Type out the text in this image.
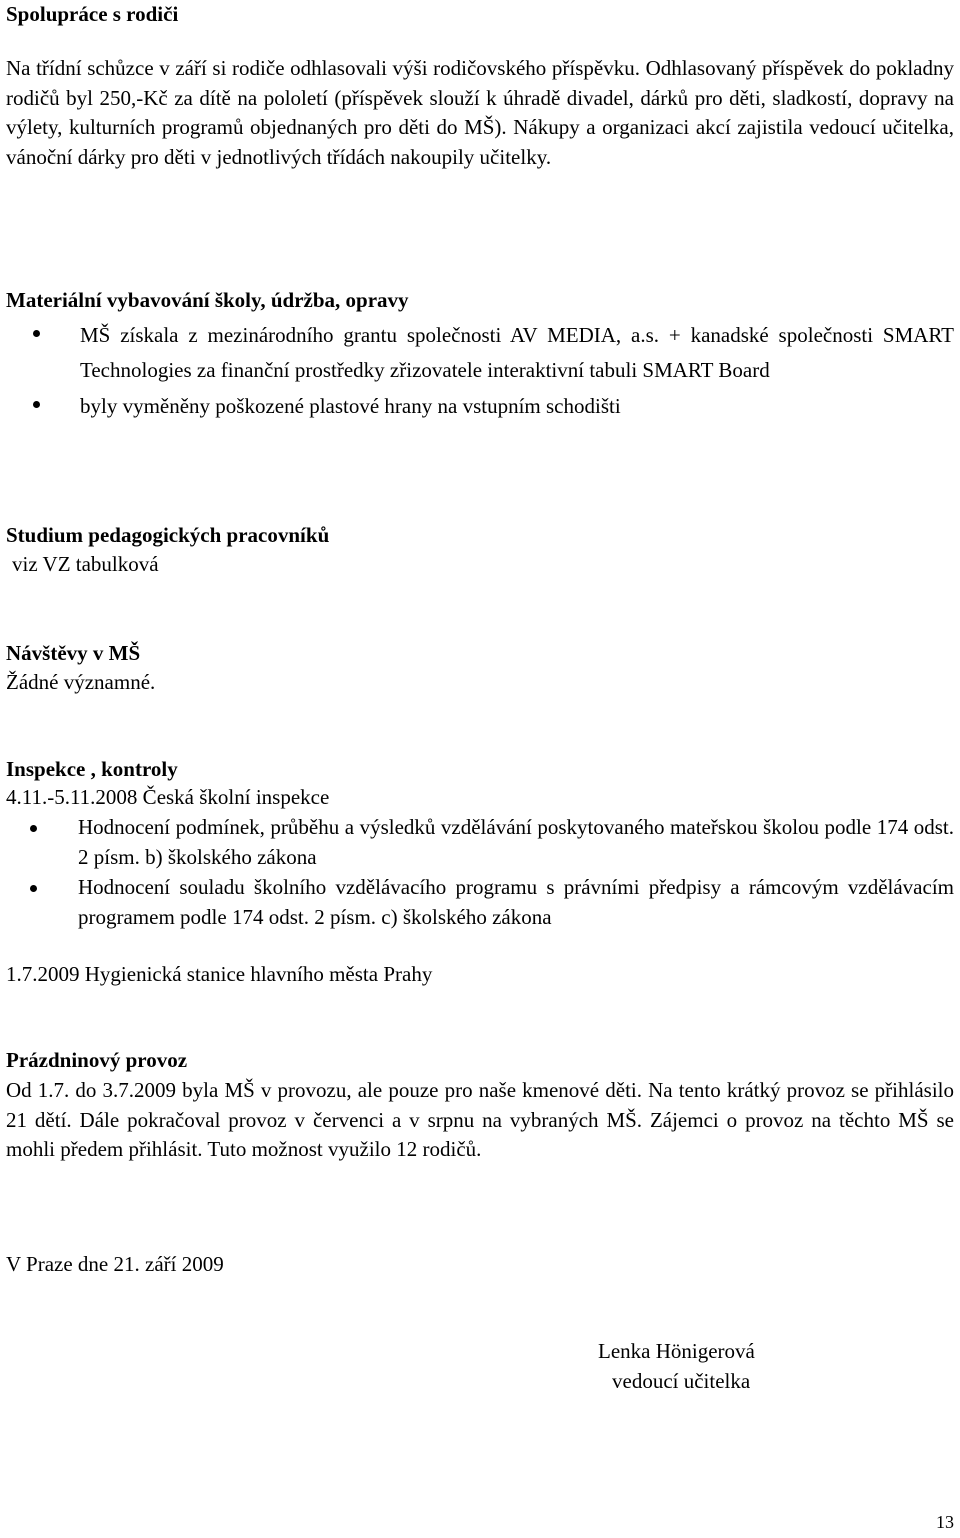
Spolupráce s rodiči

Na třídní schůzce v září si rodiče odhlasovali výši rodičovského příspěvku. Odhlasovaný příspěvek do pokladny rodičů byl 250,-Kč za dítě na pololetí (příspěvek slouží k úhradě divadel, dárků pro děti, sladkostí, dopravy na výlety, kulturních programů objednaných pro děti do MŠ). Nákupy a organizaci akcí zajistila vedoucí učitelka, vánoční dárky pro děti v jednotlivých třídách nakoupily učitelky.

Materiální vybavování školy, údržba, opravy
MŠ získala z mezinárodního grantu společnosti AV MEDIA, a.s. + kanadské společnosti SMART Technologies za finanční prostředky zřizovatele interaktivní tabuli SMART Board
byly vyměněny poškozené plastové hrany na vstupním schodišti
Studium pedagogických pracovníků
viz VZ tabulková
Návštěvy v MŠ
Žádné významné.
Inspekce , kontroly
4.11.-5.11.2008 Česká školní inspekce
Hodnocení podmínek, průběhu a výsledků vzdělávání poskytovaného mateřskou školou podle 174 odst. 2 písm. b) školského zákona
Hodnocení souladu školního vzdělávacího programu s právními předpisy a rámcovým vzdělávacím programem podle 174 odst. 2 písm. c) školského zákona
1.7.2009 Hygienická stanice hlavního města Prahy
Prázdninový provoz

Od 1.7. do 3.7.2009 byla MŠ v provozu, ale pouze pro naše kmenové děti. Na tento krátký provoz se přihlásilo 21 dětí. Dále pokračoval provoz v červenci a v srpnu na vybraných MŠ. Zájemci o provoz na těchto MŠ se mohli předem přihlásit. Tuto možnost využilo 12 rodičů.

V Praze dne 21. září 2009
Lenka Hönigerová
vedoucí učitelka
13
